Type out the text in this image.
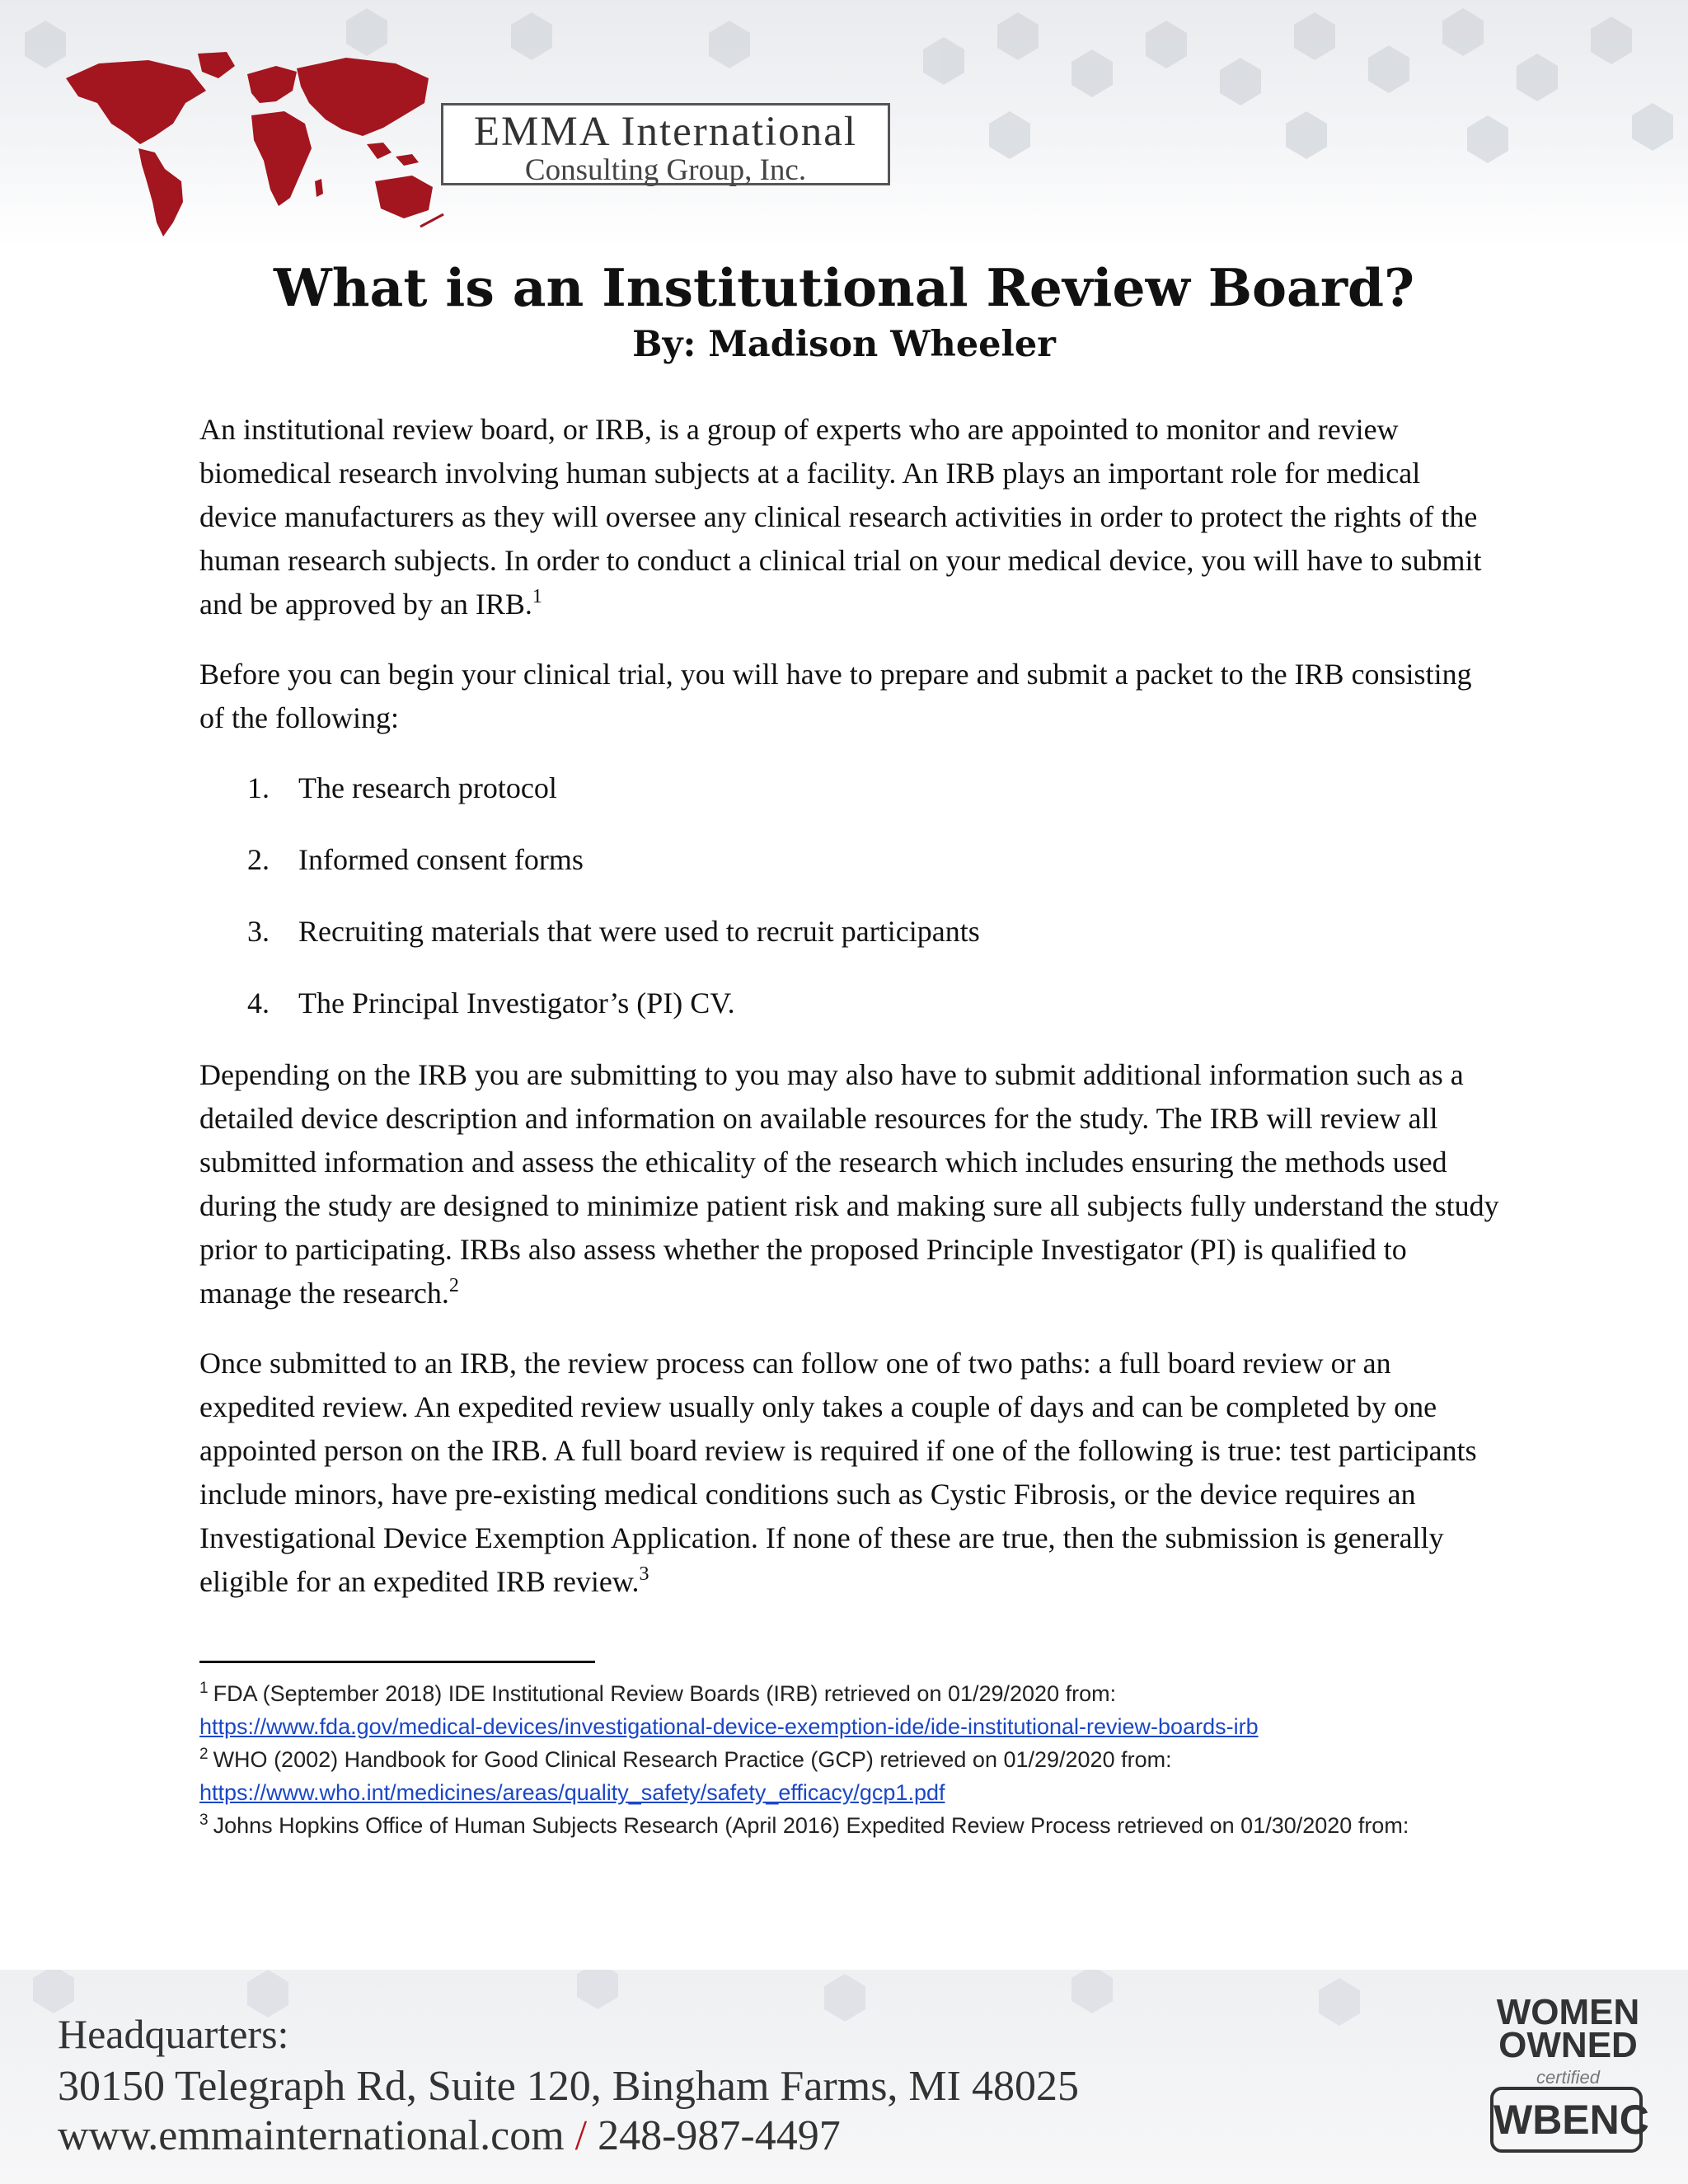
EMMA International
Consulting Group, Inc.
What is an Institutional Review Board?
By: Madison Wheeler

An institutional review board, or IRB, is a group of experts who are appointed to monitor and review biomedical research involving human subjects at a facility. An IRB plays an important role for medical device manufacturers as they will oversee any clinical research activities in order to protect the rights of the human research subjects. In order to conduct a clinical trial on your medical device, you will have to submit and be approved by an IRB.$^1$

Before you can begin your clinical trial, you will have to prepare and submit a packet to the IRB consisting of the following:

1. The research protocol
2. Informed consent forms
3. Recruiting materials that were used to recruit participants
4. The Principal Investigator’s (PI) CV.

Depending on the IRB you are submitting to you may also have to submit additional information such as a detailed device description and information on available resources for the study. The IRB will review all submitted information and assess the ethicality of the research which includes ensuring the methods used during the study are designed to minimize patient risk and making sure all subjects fully understand the study prior to participating. IRBs also assess whether the proposed Principle Investigator (PI) is qualified to manage the research.$^2$

Once submitted to an IRB, the review process can follow one of two paths: a full board review or an expedited review. An expedited review usually only takes a couple of days and can be completed by one appointed person on the IRB. A full board review is required if one of the following is true: test participants include minors, have pre-existing medical conditions such as Cystic Fibrosis, or the device requires an Investigational Device Exemption Application. If none of these are true, then the submission is generally eligible for an expedited IRB review.$^3$

$^1$ FDA (September 2018) IDE Institutional Review Boards (IRB) retrieved on 01/29/2020 from:
https://www.fda.gov/medical-devices/investigational-device-exemption-ide/ide-institutional-review-boards-irb
$^2$ WHO (2002) Handbook for Good Clinical Research Practice (GCP) retrieved on 01/29/2020 from:
https://www.who.int/medicines/areas/quality_safety/safety_efficacy/gcp1.pdf
$^3$ Johns Hopkins Office of Human Subjects Research (April 2016) Expedited Review Process retrieved on 01/30/2020 from:
Headquarters:
30150 Telegraph Rd, Suite 120, Bingham Farms, MI 48025
www.emmainternational.com / 248-987-4497
WOMEN
OWNED
certified
WBENC
